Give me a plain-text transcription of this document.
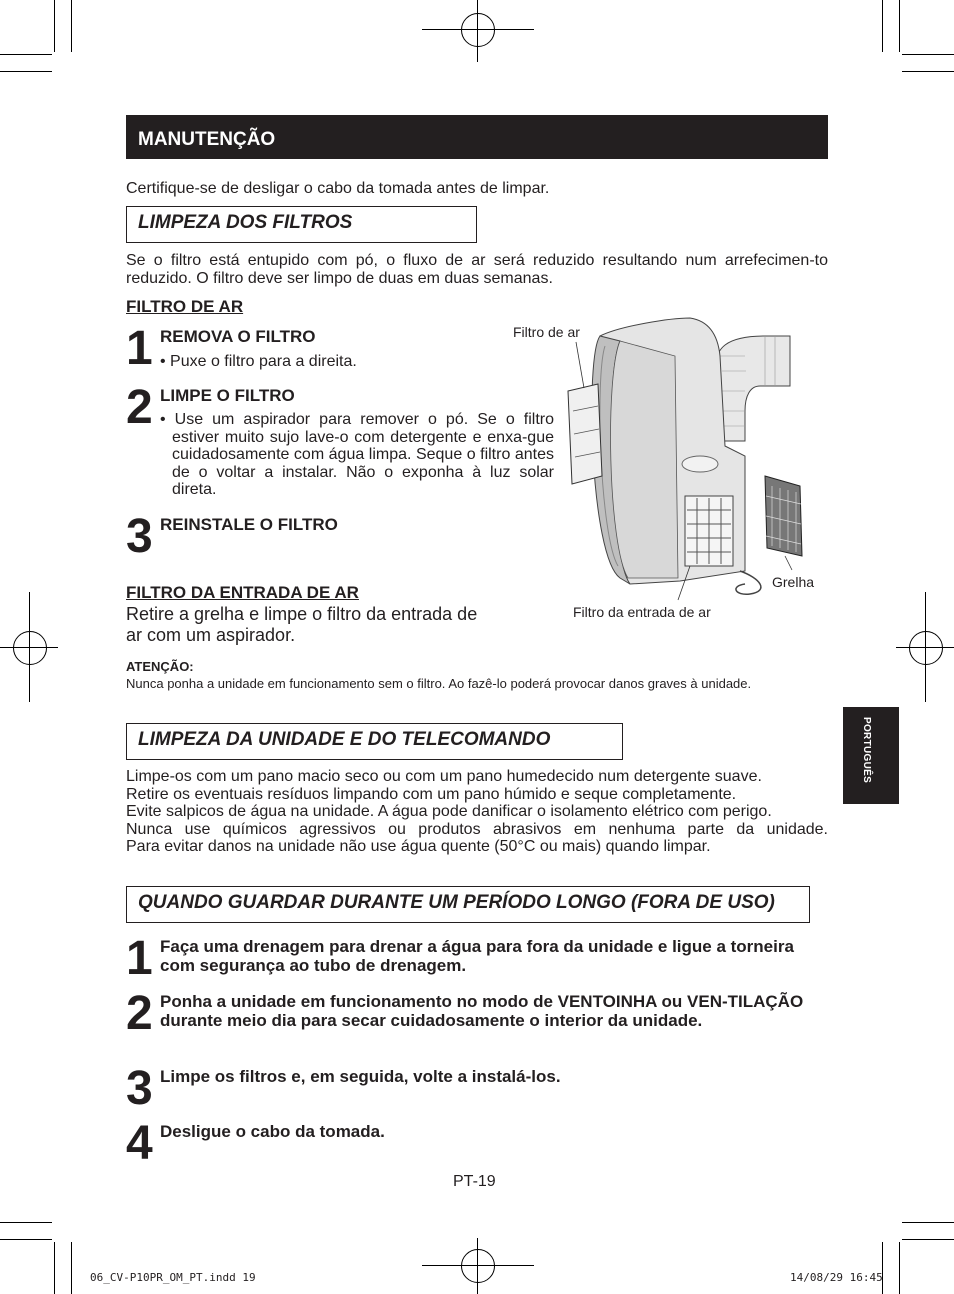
MANUTENÇÃO
Certifique-se de desligar o cabo da tomada antes de limpar.
LIMPEZA DOS FILTROS
Se o filtro está entupido com pó, o fluxo de ar será reduzido resultando num arrefecimen-to reduzido. O filtro deve ser limpo de duas em duas semanas.
FILTRO DE AR
1 REMOVA O FILTRO
• Puxe o filtro para a direita.
2 LIMPE O FILTRO
• Use um aspirador para remover o pó. Se o filtro estiver muito sujo lave-o com detergente e enxa-gue cuidadosamente com água limpa. Seque o filtro antes de o voltar a instalar. Não o exponha à luz solar direta.
3 REINSTALE O FILTRO
FILTRO DA ENTRADA DE AR
Retire a grelha e limpe o filtro da entrada de ar com um aspirador.
ATENÇÃO:
Nunca ponha a unidade em funcionamento sem o filtro. Ao fazê-lo poderá provocar danos graves à unidade.
Filtro de ar
Grelha
Filtro da entrada de ar
LIMPEZA DA UNIDADE E DO TELECOMANDO
Limpe-os com um pano macio seco ou com um pano humedecido num detergente suave.
Retire os eventuais resíduos limpando com um pano húmido e seque completamente.
Evite salpicos de água na unidade. A água pode danificar o isolamento elétrico com perigo.
Nunca use químicos agressivos ou produtos abrasivos em nenhuma parte da unidade.
Para evitar danos na unidade não use água quente (50°C ou mais) quando limpar.
QUANDO GUARDAR DURANTE UM PERÍODO LONGO (FORA DE USO)
1 Faça uma drenagem para drenar a água para fora da unidade e ligue a torneira com segurança ao tubo de drenagem.
2 Ponha a unidade em funcionamento no modo de VENTOINHA ou VEN-TILAÇÃO durante meio dia para secar cuidadosamente o interior da unidade.
3 Limpe os filtros e, em seguida, volte a instalá-los.
4 Desligue o cabo da tomada.
PORTUGUÊS
PT-19
06_CV-P10PR_OM_PT.indd 19	14/08/29 16:45
